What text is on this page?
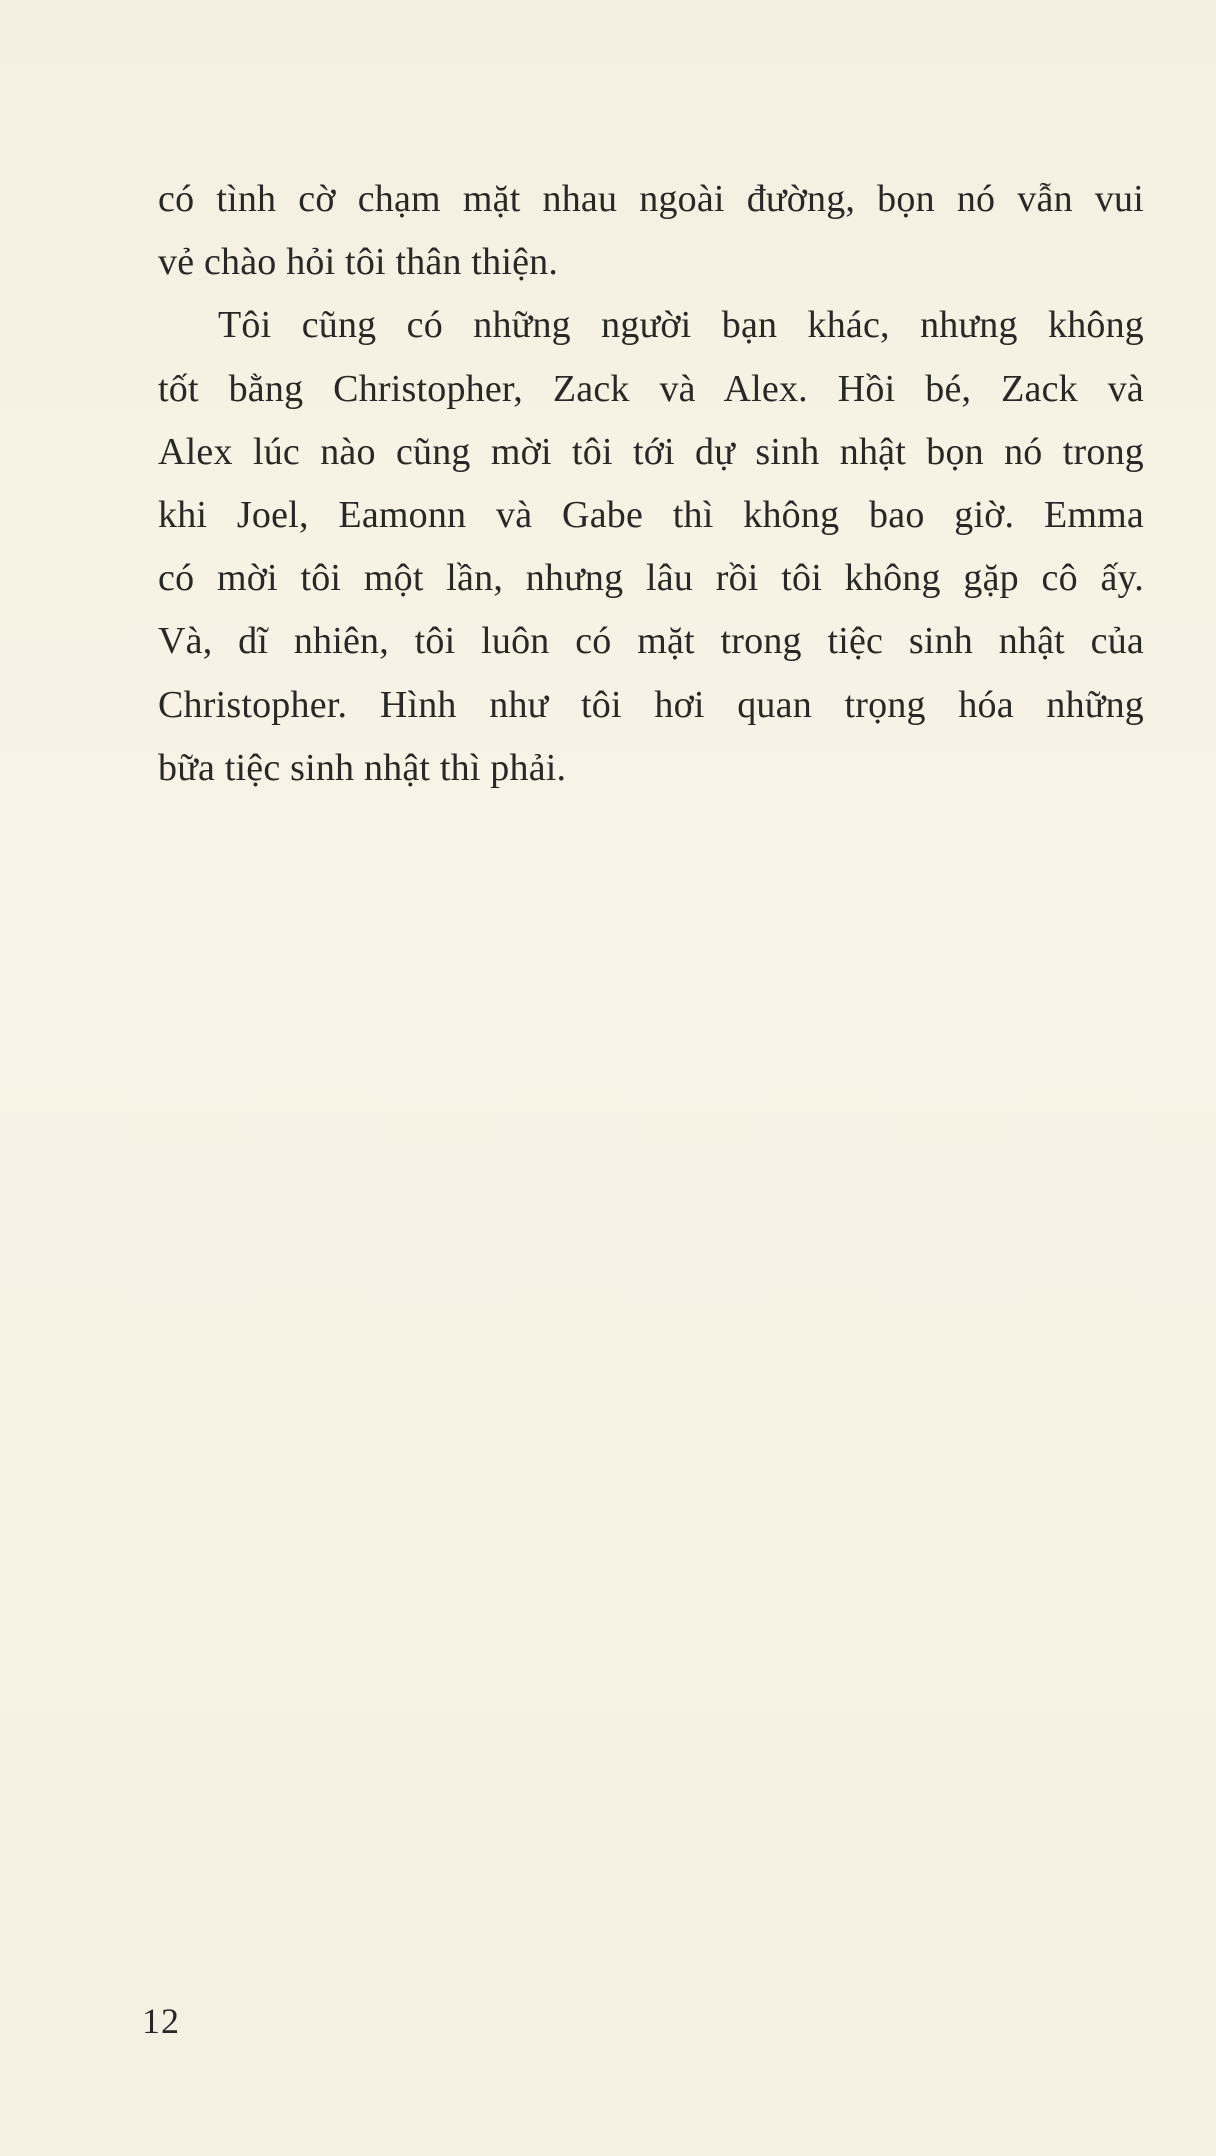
có tình cờ chạm mặt nhau ngoài đường, bọn nó vẫn vui
vẻ chào hỏi tôi thân thiện.
Tôi cũng có những người bạn khác, nhưng không
tốt bằng Christopher, Zack và Alex. Hồi bé, Zack và
Alex lúc nào cũng mời tôi tới dự sinh nhật bọn nó trong
khi Joel, Eamonn và Gabe thì không bao giờ. Emma
có mời tôi một lần, nhưng lâu rồi tôi không gặp cô ấy.
Và, dĩ nhiên, tôi luôn có mặt trong tiệc sinh nhật của
Christopher. Hình như tôi hơi quan trọng hóa những
bữa tiệc sinh nhật thì phải.
12
